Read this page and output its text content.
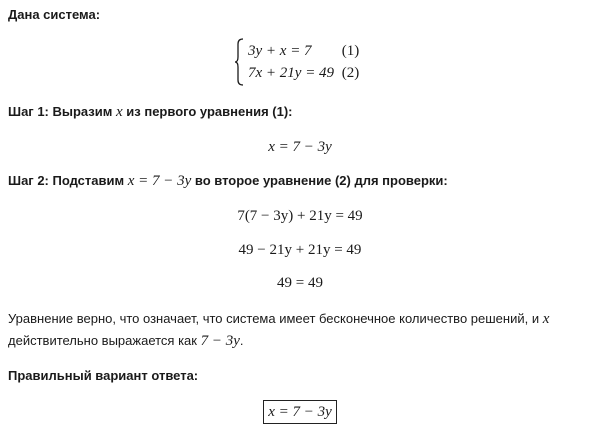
Дана система:
3y + x = 7 (1)
7x + 21y = 49 (2)
Шаг 1: Выразим x из первого уравнения (1):
x = 7 − 3y
Шаг 2: Подставим x = 7 − 3y во второе уравнение (2) для проверки:
7(7 − 3y) + 21y = 49
49 − 21y + 21y = 49
49 = 49
Уравнение верно, что означает, что система имеет бесконечное количество решений, и x
действительно выражается как 7 − 3y.
Правильный вариант ответа:
x = 7 − 3y
